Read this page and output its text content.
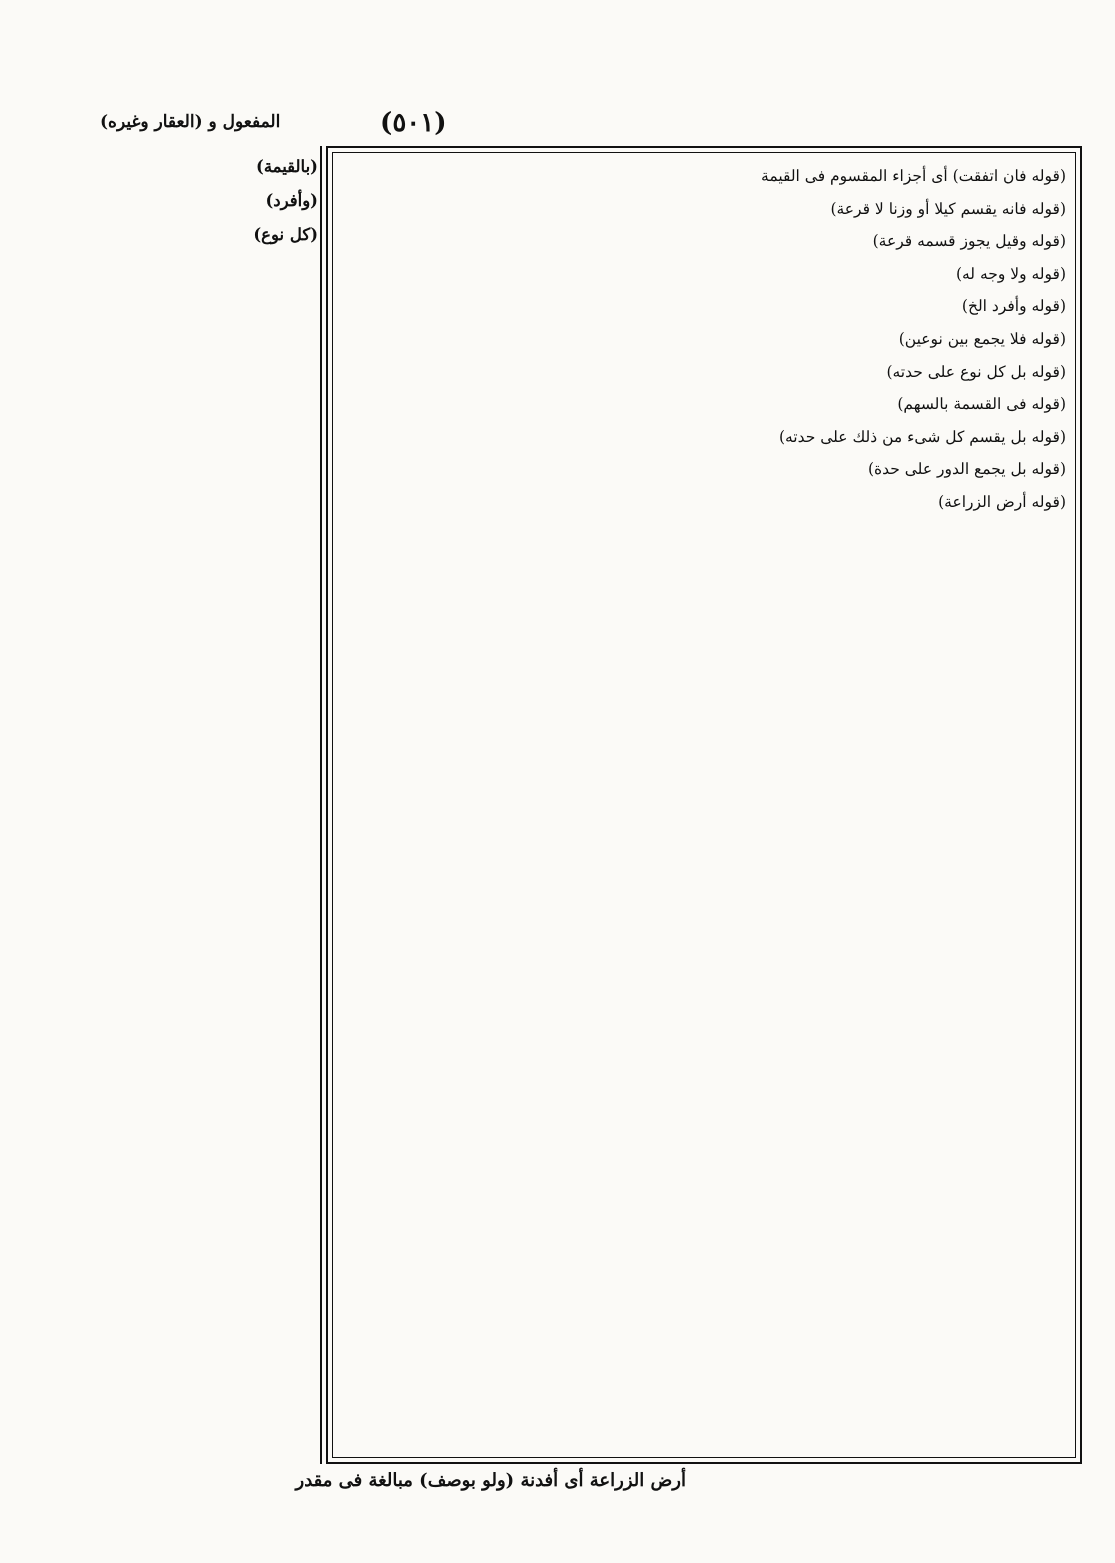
(٥٠١)
المفعول و (العقار وغيره)

(قوله فان اتفقت) أى أجزاء المقسوم فى القيمة

(قوله فانه يقسم كيلا أو وزنا لا قرعة)

(قوله وقيل يجوز قسمه قرعة)

(قوله ولا وجه له)

(قوله وأفرد الخ)

(قوله فلا يجمع بين نوعين)

(قوله بل كل نوع على حدته)

(قوله فى القسمة بالسهم)

(قوله بل يقسم كل شىء من ذلك على حدته)

(قوله بل يجمع الدور على حدة)

(قوله أرض الزراعة)

(بالقيمة)

(وأفرد)

(كل نوع)

أرض الزراعة أى أفدنة (ولو بوصف) مبالغة فى مقدر
